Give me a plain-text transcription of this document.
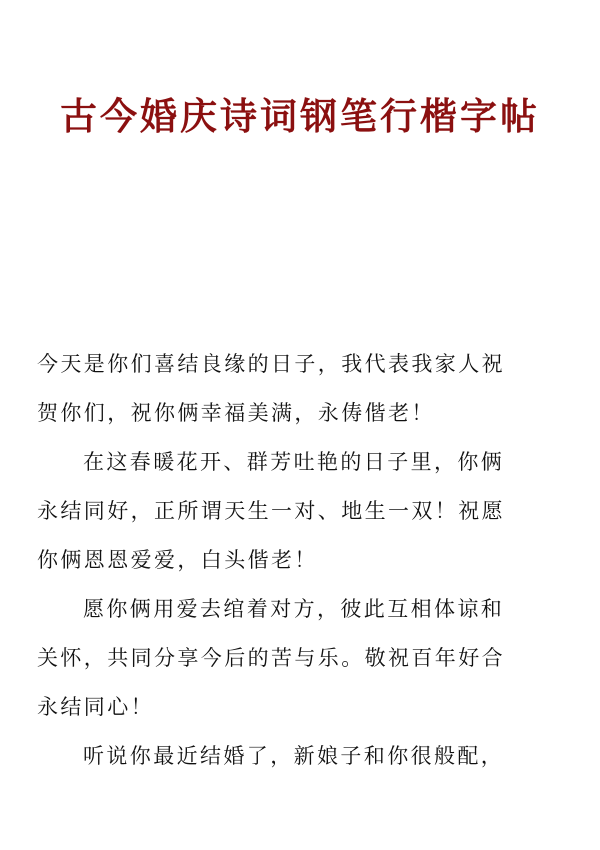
古今婚庆诗词钢笔行楷字帖
今天是你们喜结良缘的日子，我代表我家人祝
贺你们，祝你俩幸福美满，永俦偕老！
在这春暖花开、群芳吐艳的日子里，你俩
永结同好，正所谓天生一对、地生一双！祝愿
你俩恩恩爱爱，白头偕老！
愿你俩用爱去绾着对方，彼此互相体谅和
关怀，共同分享今后的苦与乐。敬祝百年好合
永结同心！
听说你最近结婚了，新娘子和你很般配，
